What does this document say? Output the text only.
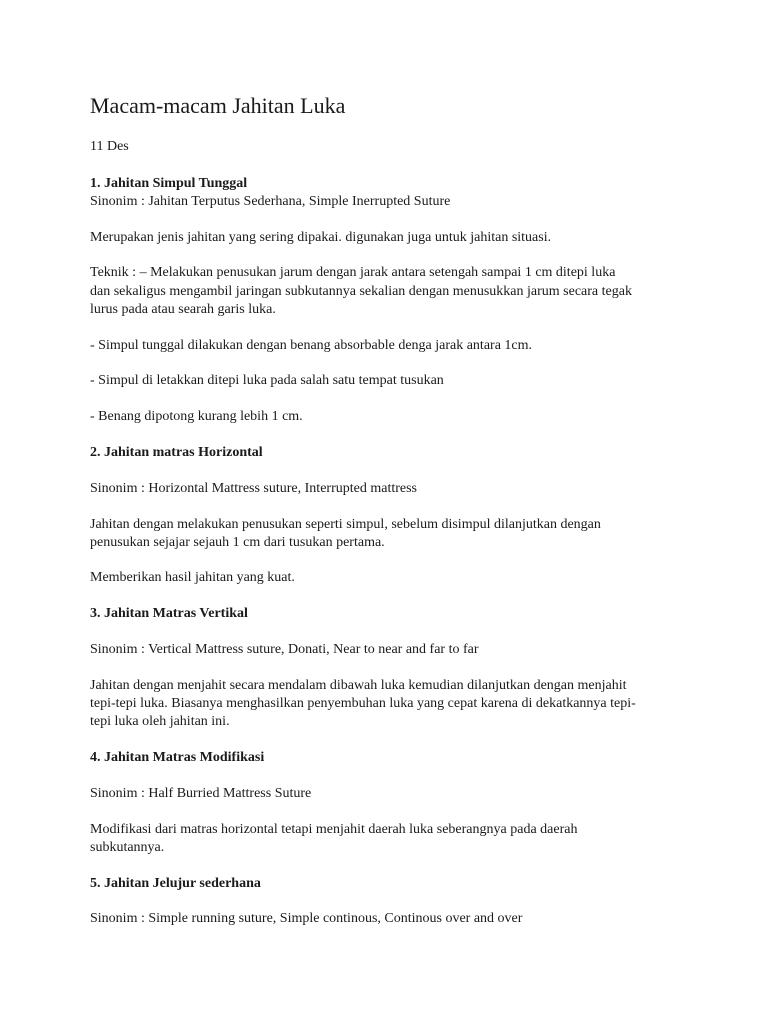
Macam-macam Jahitan Luka
11 Des
1. Jahitan Simpul Tunggal
Sinonim : Jahitan Terputus Sederhana, Simple Inerrupted Suture
Merupakan jenis jahitan yang sering dipakai. digunakan juga untuk jahitan situasi.
Teknik : – Melakukan penusukan jarum dengan jarak antara setengah sampai 1 cm ditepi luka
dan sekaligus mengambil jaringan subkutannya sekalian dengan menusukkan jarum secara tegak
lurus pada atau searah garis luka.
- Simpul tunggal dilakukan dengan benang absorbable denga jarak antara 1cm.
- Simpul di letakkan ditepi luka pada salah satu tempat tusukan
- Benang dipotong kurang lebih 1 cm.
2. Jahitan matras Horizontal
Sinonim : Horizontal Mattress suture, Interrupted mattress
Jahitan dengan melakukan penusukan seperti simpul, sebelum disimpul dilanjutkan dengan
penusukan sejajar sejauh 1 cm dari tusukan pertama.
Memberikan hasil jahitan yang kuat.
3. Jahitan Matras Vertikal
Sinonim : Vertical Mattress suture, Donati, Near to near and far to far
Jahitan dengan menjahit secara mendalam dibawah luka kemudian dilanjutkan dengan menjahit
tepi-tepi luka. Biasanya menghasilkan penyembuhan luka yang cepat karena di dekatkannya tepi-
tepi luka oleh jahitan ini.
4. Jahitan Matras Modifikasi
Sinonim : Half Burried Mattress Suture
Modifikasi dari matras horizontal tetapi menjahit daerah luka seberangnya pada daerah
subkutannya.
5. Jahitan Jelujur sederhana
Sinonim : Simple running suture, Simple continous, Continous over and over
